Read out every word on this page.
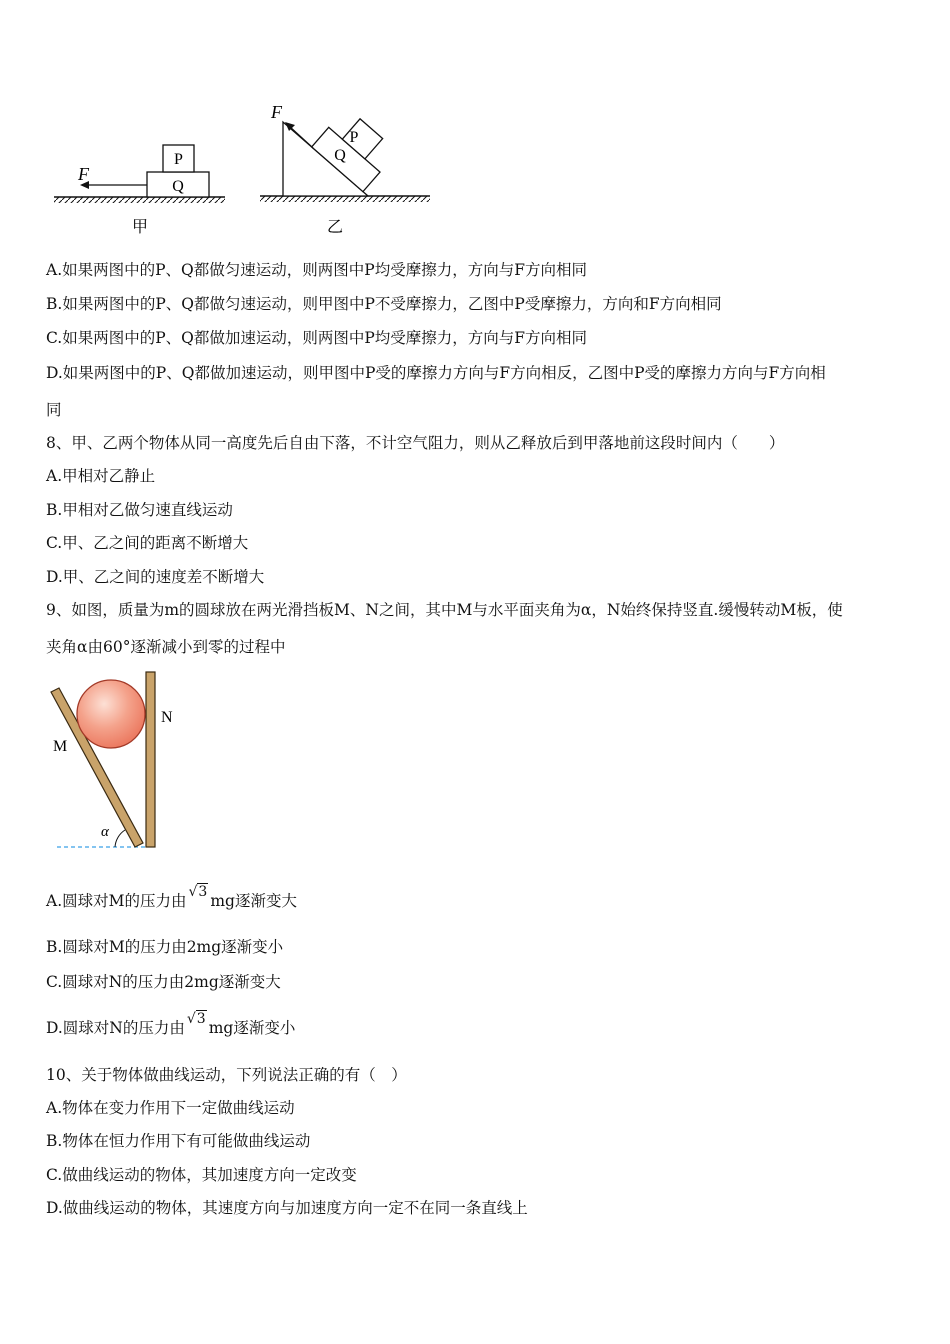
P
Q
F
甲
Q
P
F
乙
A.如果两图中的P、Q都做匀速运动，则两图中P均受摩擦力，方向与F方向相同
B.如果两图中的P、Q都做匀速运动，则甲图中P不受摩擦力，乙图中P受摩擦力，方向和F方向相同
C.如果两图中的P、Q都做加速运动，则两图中P均受摩擦力，方向与F方向相同
D.如果两图中的P、Q都做加速运动，则甲图中P受的摩擦力方向与F方向相反，乙图中P受的摩擦力方向与F方向相
同
8、甲、乙两个物体从同一高度先后自由下落，不计空气阻力，则从乙释放后到甲落地前这段时间内（　　）
A.甲相对乙静止
B.甲相对乙做匀速直线运动
C.甲、乙之间的距离不断增大
D.甲、乙之间的速度差不断增大
9、如图，质量为m的圆球放在两光滑挡板M、N之间，其中M与水平面夹角为α，N始终保持竖直.缓慢转动M板，使
夹角α由60°逐渐减小到零的过程中
α
M
N
A.圆球对M的压力由 √3 mg逐渐变大
B.圆球对M的压力由2mg逐渐变小
C.圆球对N的压力由2mg逐渐变大
D.圆球对N的压力由 √3 mg逐渐变小
10、关于物体做曲线运动，下列说法正确的有（　）
A.物体在变力作用下一定做曲线运动
B.物体在恒力作用下有可能做曲线运动
C.做曲线运动的物体，其加速度方向一定改变
D.做曲线运动的物体，其速度方向与加速度方向一定不在同一条直线上
